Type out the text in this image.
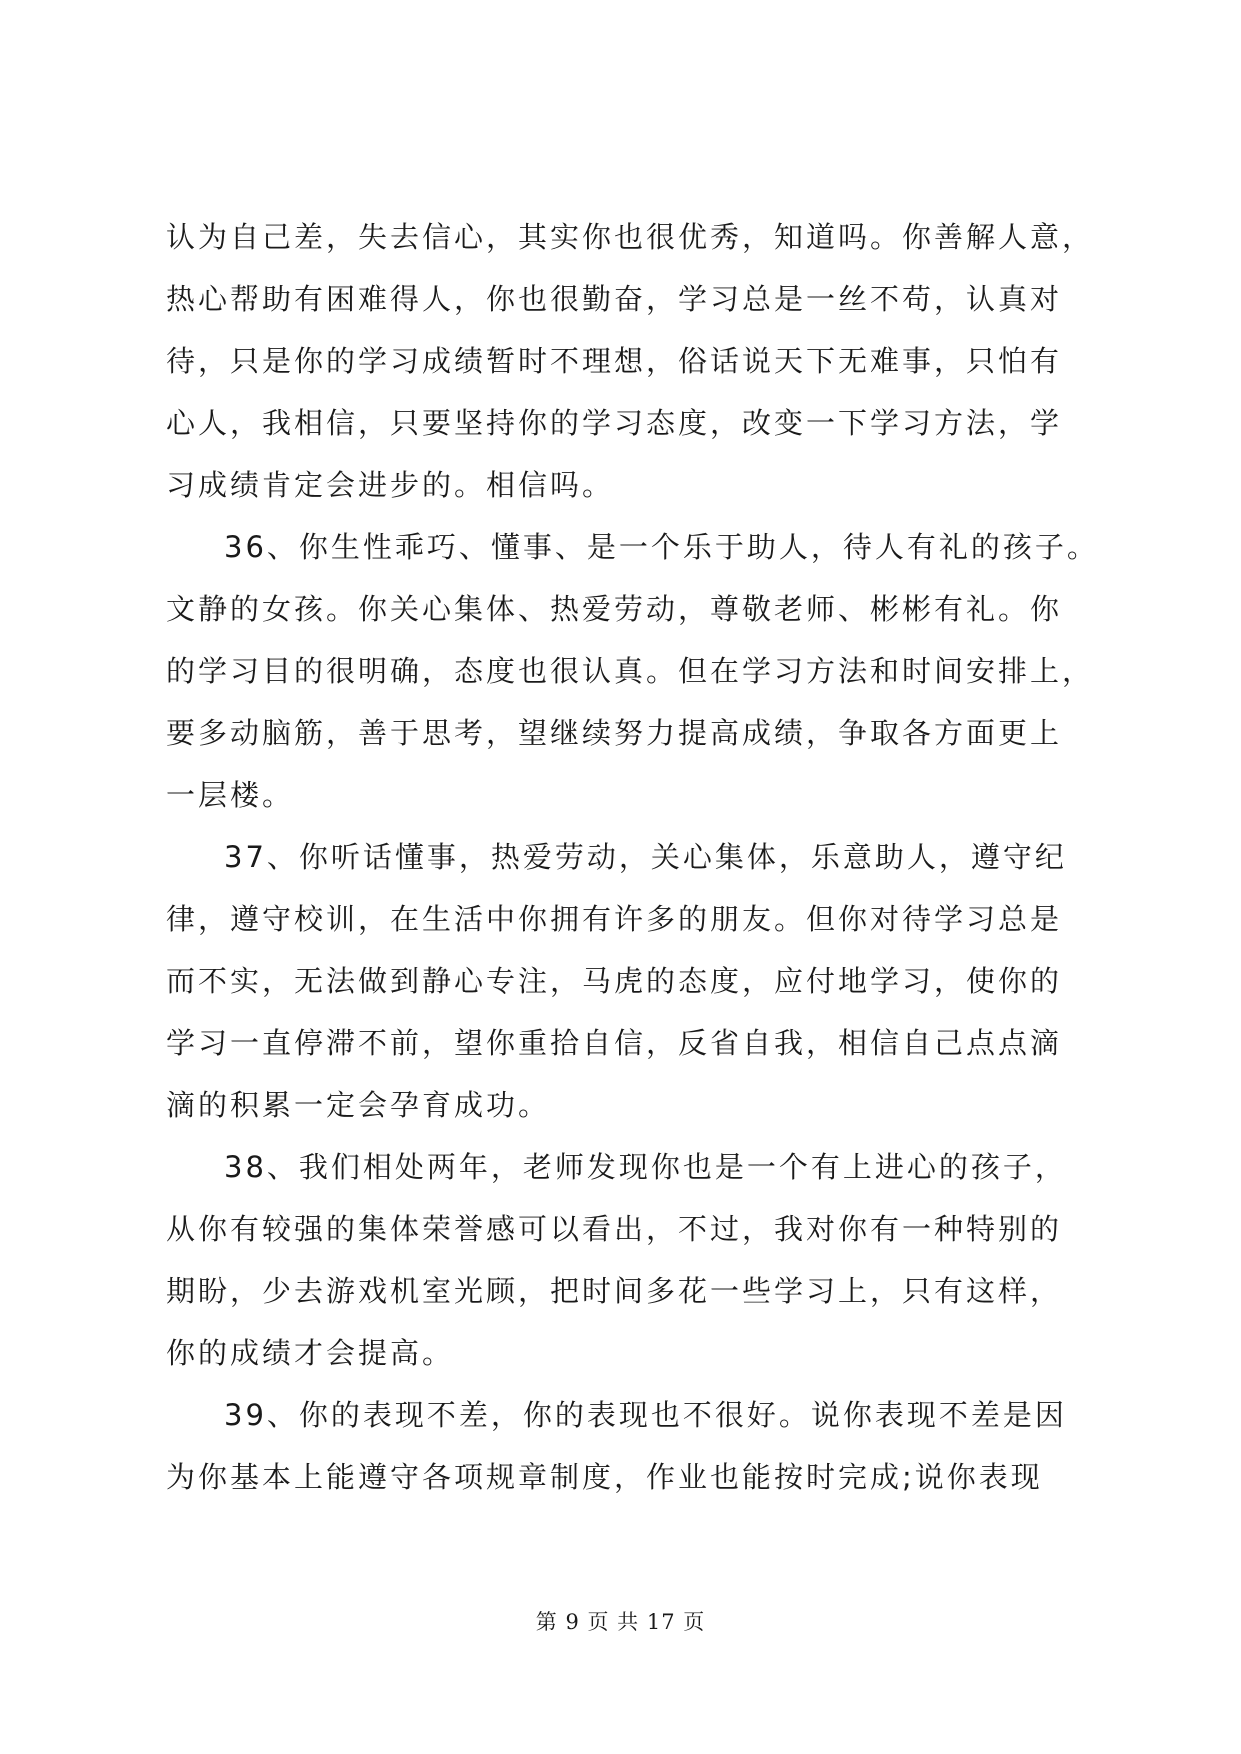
认为自己差，失去信心，其实你也很优秀，知道吗。你善解人意，
热心帮助有困难得人，你也很勤奋，学习总是一丝不苟，认真对
待，只是你的学习成绩暂时不理想，俗话说天下无难事，只怕有
心人，我相信，只要坚持你的学习态度，改变一下学习方法，学
习成绩肯定会进步的。相信吗。
36、你生性乖巧、懂事、是一个乐于助人，待人有礼的孩子。
文静的女孩。你关心集体、热爱劳动，尊敬老师、彬彬有礼。你
的学习目的很明确，态度也很认真。但在学习方法和时间安排上，
要多动脑筋，善于思考，望继续努力提高成绩，争取各方面更上
一层楼。
37、你听话懂事，热爱劳动，关心集体，乐意助人，遵守纪
律，遵守校训，在生活中你拥有许多的朋友。但你对待学习总是
而不实，无法做到静心专注，马虎的态度，应付地学习，使你的
学习一直停滞不前，望你重拾自信，反省自我，相信自己点点滴
滴的积累一定会孕育成功。
38、我们相处两年，老师发现你也是一个有上进心的孩子，
从你有较强的集体荣誉感可以看出，不过，我对你有一种特别的
期盼，少去游戏机室光顾，把时间多花一些学习上，只有这样，
你的成绩才会提高。
39、你的表现不差，你的表现也不很好。说你表现不差是因
为你基本上能遵守各项规章制度，作业也能按时完成;说你表现
第 9 页 共 17 页
